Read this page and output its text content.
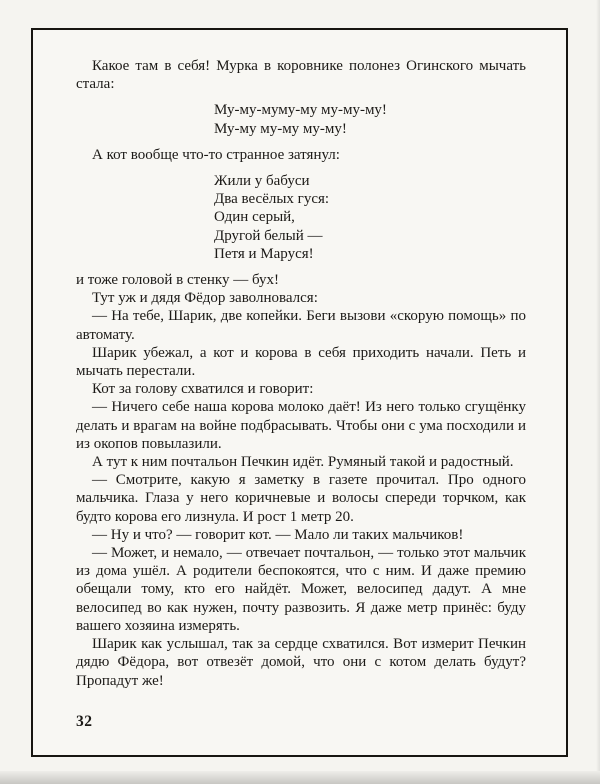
Какое там в себя! Мурка в коровнике полонез Огинского мычать стала:

Му-му-муму-му му-му-му!
Му-му му-му му-му!

А кот вообще что-то странное затянул:

Жили у бабуси
Два весёлых гуся:
Один серый,
Другой белый —
Петя и Маруся!

и тоже головой в стенку — бух!

Тут уж и дядя Фёдор заволновался:

— На тебе, Шарик, две копейки. Беги вызови «скорую помощь» по автомату.

Шарик убежал, а кот и корова в себя приходить начали. Петь и мычать перестали.

Кот за голову схватился и говорит:

— Ничего себе наша корова молоко даёт! Из него только сгущёнку делать и врагам на войне подбрасывать. Чтобы они с ума посходили и из окопов повылазили.

А тут к ним почтальон Печкин идёт. Румяный такой и радостный.

— Смотрите, какую я заметку в газете прочитал. Про одного мальчика. Глаза у него коричневые и волосы спереди торчком, как будто корова его лизнула. И рост 1 метр 20.

— Ну и что? — говорит кот. — Мало ли таких мальчиков!

— Может, и немало, — отвечает почтальон, — только этот мальчик из дома ушёл. А родители беспокоятся, что с ним. И даже премию обещали тому, кто его найдёт. Может, велосипед дадут. А мне велосипед во как нужен, почту развозить. Я даже метр принёс: буду вашего хозяина измерять.

Шарик как услышал, так за сердце схватился. Вот измерит Печкин дядю Фёдора, вот отвезёт домой, что они с котом делать будут? Пропадут же!

32
